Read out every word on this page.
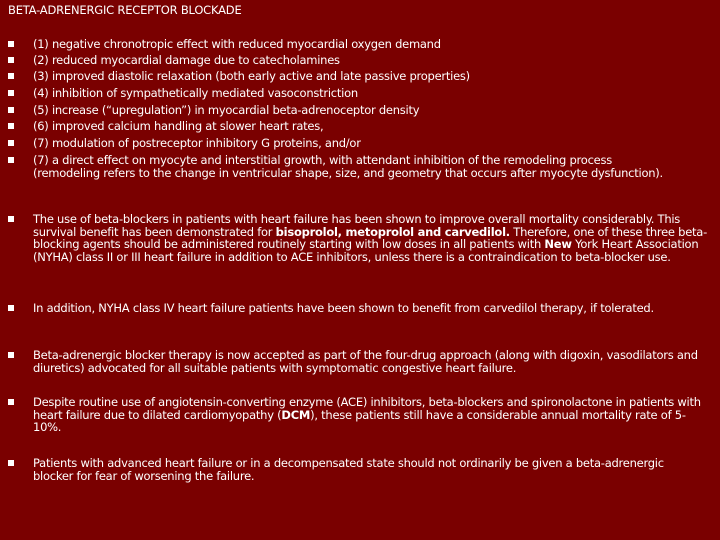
BETA-ADRENERGIC RECEPTOR BLOCKADE
(1) negative chronotropic effect with reduced myocardial oxygen demand
(2) reduced myocardial damage due to catecholamines
(3) improved diastolic relaxation (both early active and late passive properties)
(4) inhibition of sympathetically mediated vasoconstriction
(5) increase (“upregulation”) in myocardial beta-adrenoceptor density
(6) improved calcium handling at slower heart rates,
(7) modulation of postreceptor inhibitory G proteins, and/or
(7) a direct effect on myocyte and interstitial growth, with attendant inhibition of the remodeling process (remodeling refers to the change in ventricular shape, size, and geometry that occurs after myocyte dysfunction).
The use of beta-blockers in patients with heart failure has been shown to improve overall mortality considerably. This survival benefit has been demonstrated for bisoprolol, metoprolol and carvedilol. Therefore, one of these three beta-blocking agents should be administered routinely starting with low doses in all patients with New York Heart Association (NYHA) class II or III heart failure in addition to ACE inhibitors, unless there is a contraindication to beta-blocker use.
In addition, NYHA class IV heart failure patients have been shown to benefit from carvedilol therapy, if tolerated.
Beta-adrenergic blocker therapy is now accepted as part of the four-drug approach (along with digoxin, vasodilators and diuretics) advocated for all suitable patients with symptomatic congestive heart failure.
Despite routine use of angiotensin-converting enzyme (ACE) inhibitors, beta-blockers and spironolactone in patients with heart failure due to dilated cardiomyopathy (DCM), these patients still have a considerable annual mortality rate of 5-10%.
Patients with advanced heart failure or in a decompensated state should not ordinarily be given a beta-adrenergic blocker for fear of worsening the failure.
